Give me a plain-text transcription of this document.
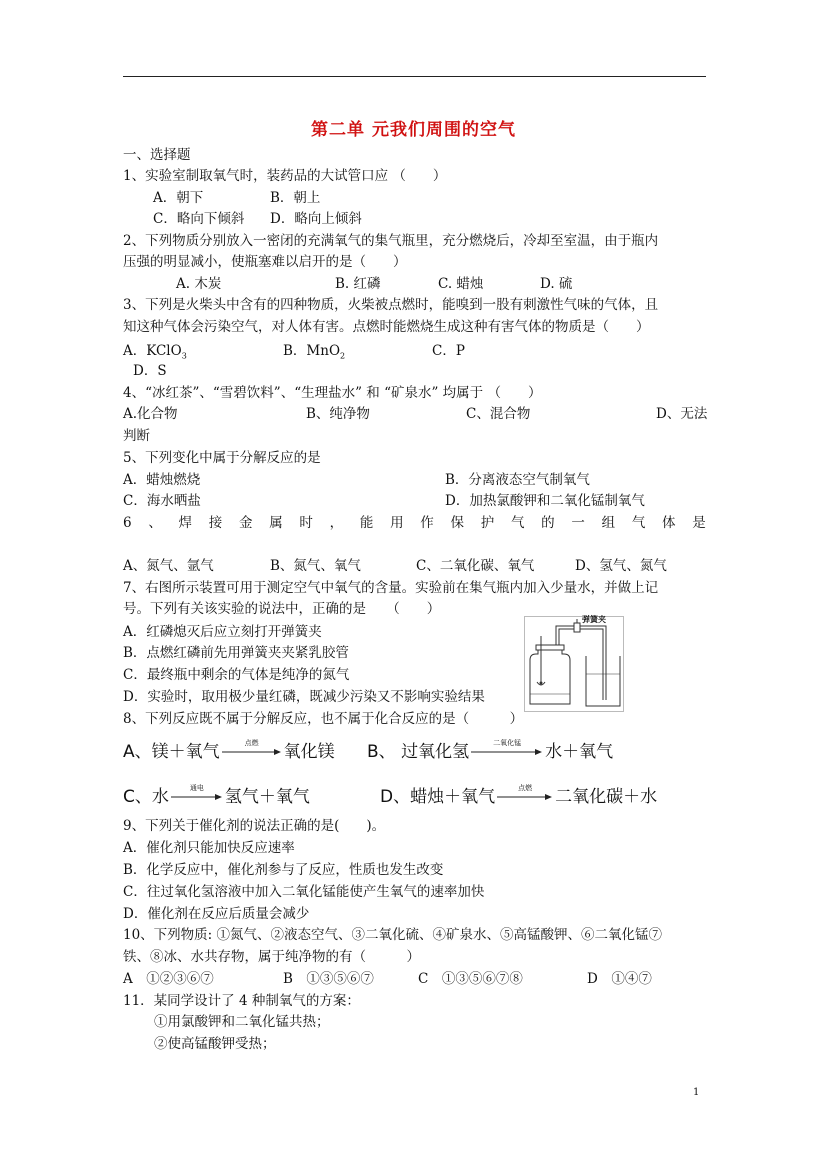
第二单 元我们周围的空气
一、选择题
1、实验室制取氧气时，装药品的大试管口应 （　　）
A．朝下	B．朝上
C．略向下倾斜 D．略向上倾斜
2、下列物质分别放入一密闭的充满氧气的集气瓶里，充分燃烧后，冷却至室温，由于瓶内
压强的明显减小，使瓶塞难以启开的是（　　）
A. 木炭	B. 红磷	C. 蜡烛	D. 硫
3、下列是火柴头中含有的四种物质，火柴被点燃时，能嗅到一股有刺激性气味的气体，且
知这种气体会污染空气，对人体有害。点燃时能燃烧生成这种有害气体的物质是（　　）
A．KClO$_3$	B．MnO$_2$	C．P
D．S
4、“冰红茶”、“雪碧饮料”、“生理盐水” 和 “矿泉水” 均属于 （　　）
A.化合物	B、纯净物	C、混合物	D、无法
判断
5、下列变化中属于分解反应的是
A．蜡烛燃烧	B．分离液态空气制氧气
C．海水晒盐	D．加热氯酸钾和二氧化锰制氧气
6 、 焊 接 金 属 时 ， 能 用 作 保 护 气 的 一 组 气 体 是
A、氮气、氩气	B、氮气、氧气	C、二氧化碳、氧气	D、氢气、氮气
7、右图所示装置可用于测定空气中氧气的含量。实验前在集气瓶内加入少量水，并做上记
号。下列有关该实验的说法中，正确的是　　（　　）
A．红磷熄灭后应立刻打开弹簧夹
B．点燃红磷前先用弹簧夹夹紧乳胶管
C．最终瓶中剩余的气体是纯净的氮气
D．实验时，取用极少量红磷，既减少污染又不影响实验结果
弹簧夹
8、下列反应既不属于分解反应，也不属于化合反应的是（　　　）
A、镁＋氧气	点燃	氧化镁 B、 过氧化氢	二氧化锰	水＋氧气
C、水	通电	氢气＋氧气	D、蜡烛＋氧气	点燃	二氧化碳＋水
9、下列关于催化剂的说法正确的是(　　)。
A．催化剂只能加快反应速率
B．化学反应中，催化剂参与了反应，性质也发生改变
C．往过氧化氢溶液中加入二氧化锰能使产生氧气的速率加快
D．催化剂在反应后质量会减少
10、下列物质: ①氮气、②液态空气、③二氧化硫、④矿泉水、⑤高锰酸钾、⑥二氧化锰⑦
铁、⑧冰、水共存物，属于纯净物的有（　　　）
A　①②③⑥⑦	B　①③⑤⑥⑦	C　①③⑤⑥⑦⑧	D　①④⑦
11．某同学设计了 4 种制氧气的方案：
①用氯酸钾和二氧化锰共热；
②使高锰酸钾受热；
1
